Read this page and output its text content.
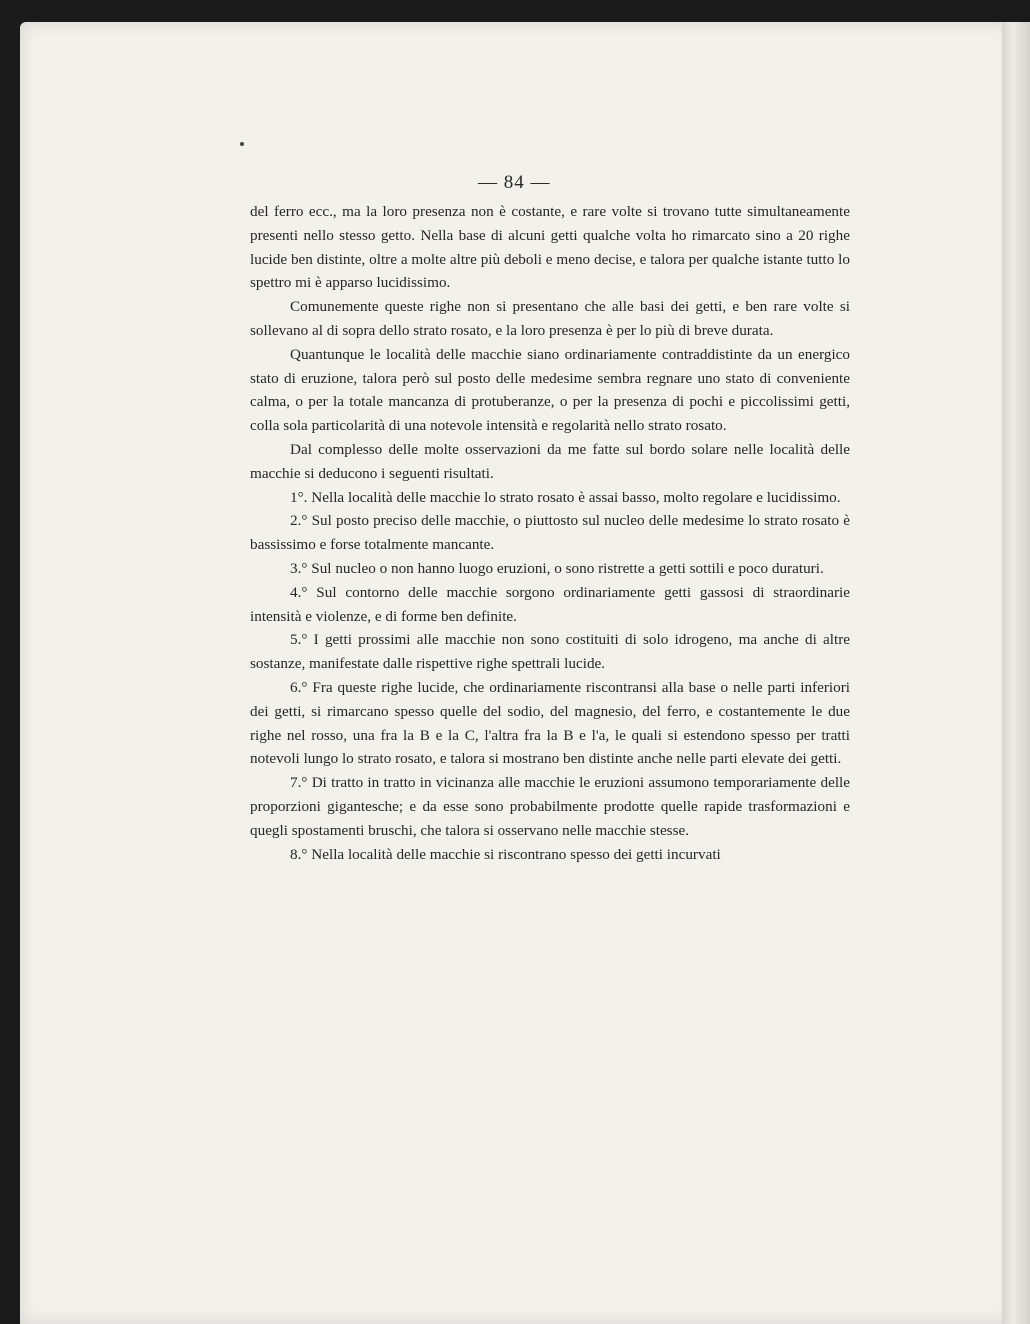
— 84 —

del ferro ecc., ma la loro presenza non è costante, e rare volte si trovano tutte simultaneamente presenti nello stesso getto. Nella base di alcuni getti qualche volta ho rimarcato sino a 20 righe lucide ben distinte, oltre a molte altre più deboli e meno decise, e talora per qualche istante tutto lo spettro mi è apparso lucidissimo.

Comunemente queste righe non si presentano che alle basi dei getti, e ben rare volte si sollevano al di sopra dello strato rosato, e la loro presenza è per lo più di breve durata.

Quantunque le località delle macchie siano ordinariamente contraddistinte da un energico stato di eruzione, talora però sul posto delle medesime sembra regnare uno stato di conveniente calma, o per la totale mancanza di protuberanze, o per la presenza di pochi e piccolissimi getti, colla sola particolarità di una notevole intensità e regolarità nello strato rosato.

Dal complesso delle molte osservazioni da me fatte sul bordo solare nelle località delle macchie si deducono i seguenti risultati.

1°. Nella località delle macchie lo strato rosato è assai basso, molto regolare e lucidissimo.

2.° Sul posto preciso delle macchie, o piuttosto sul nucleo delle medesime lo strato rosato è bassissimo e forse totalmente mancante.

3.° Sul nucleo o non hanno luogo eruzioni, o sono ristrette a getti sottili e poco duraturi.

4.° Sul contorno delle macchie sorgono ordinariamente getti gassosi di straordinarie intensità e violenze, e di forme ben definite.

5.° I getti prossimi alle macchie non sono costituiti di solo idrogeno, ma anche di altre sostanze, manifestate dalle rispettive righe spettrali lucide.

6.° Fra queste righe lucide, che ordinariamente riscontransi alla base o nelle parti inferiori dei getti, si rimarcano spesso quelle del sodio, del magnesio, del ferro, e costantemente le due righe nel rosso, una fra la B e la C, l'altra fra la B e l'a, le quali si estendono spesso per tratti notevoli lungo lo strato rosato, e talora si mostrano ben distinte anche nelle parti elevate dei getti.

7.° Di tratto in tratto in vicinanza alle macchie le eruzioni assumono temporariamente delle proporzioni gigantesche; e da esse sono probabilmente prodotte quelle rapide trasformazioni e quegli spostamenti bruschi, che talora si osservano nelle macchie stesse.

8.° Nella località delle macchie si riscontrano spesso dei getti incurvati
